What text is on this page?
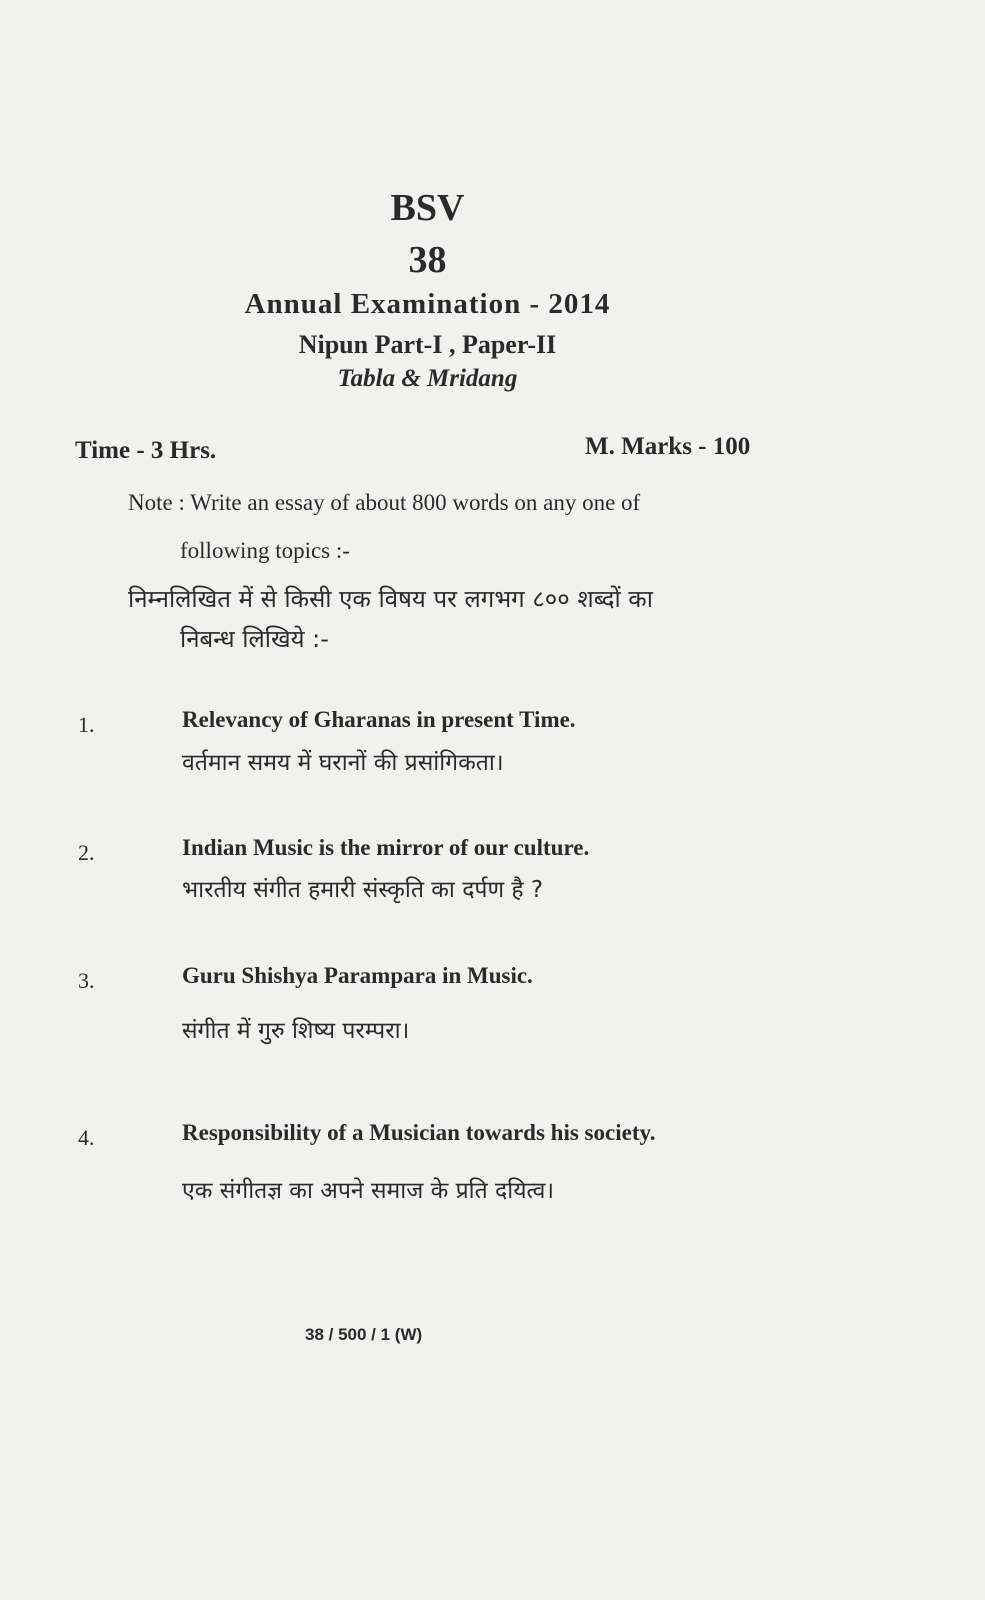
BSV
38
Annual Examination - 2014
Nipun Part-I , Paper-II
Tabla & Mridang
Time - 3 Hrs.	M. Marks - 100
Note : Write an essay of about 800 words on any one of
following topics :-
निम्नलिखित में से किसी एक विषय पर लगभग ८०० शब्दों का
निबन्ध लिखिये :-
1.	Relevancy of Gharanas in present Time.
वर्तमान समय में घरानों की प्रसांगिकता।
2.	Indian Music is the mirror of our culture.
भारतीय संगीत हमारी संस्कृति का दर्पण है ?
3.	Guru Shishya Parampara in Music.
संगीत में गुरु शिष्य परम्परा।
4.	Responsibility of a Musician towards his society.
एक संगीतज्ञ का अपने समाज के प्रति दयित्व।
38 / 500 / 1 (W)
